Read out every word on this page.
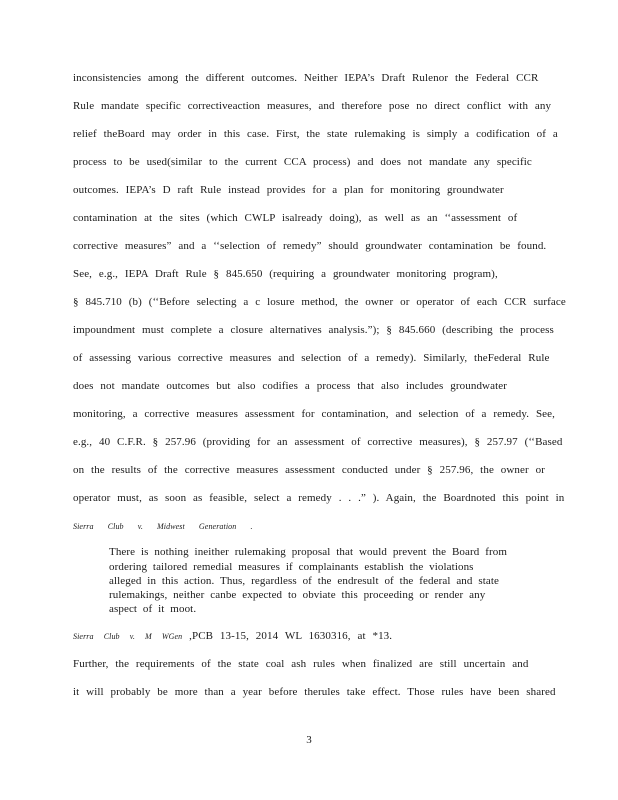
inconsistencies among the different outcomes. Neither IEPA’s Draft Rulenor the Federal CCR
Rule mandate specific correctiveaction measures, and therefore pose no direct conflict with any
relief theBoard may order in this case. First, the state rulemaking is simply a codification of a
process to be used(similar to the current CCA process) and does not mandate any specific
outcomes. IEPA’s D raft Rule instead provides for a plan for monitoring groundwater
contamination at the sites (which CWLP isalready doing), as well as an ‘‘assessment of
corrective measures” and a ‘‘selection of remedy” should groundwater contamination be found.
See, e.g., IEPA Draft Rule § 845.650 (requiring a groundwater monitoring program),
§ 845.710 (b) (‘‘Before selecting a c losure method, the owner or operator of each CCR surface
impoundment must complete a closure alternatives analysis.”); § 845.660 (describing the process
of assessing various corrective measures and selection of a remedy). Similarly, theFederal Rule
does not mandate outcomes but also codifies a process that also includes groundwater
monitoring, a corrective measures assessment for contamination, and selection of a remedy. See,
e.g., 40 C.F.R. § 257.96 (providing for an assessment of corrective measures), § 257.97 (‘‘Based
on the results of the corrective measures assessment conducted under § 257.96, the owner or
operator must, as soon as feasible, select a remedy . . .” ). Again, the Boardnoted this point in
Sierra Club v. Midwest Generation .
There is nothing ineither rulemaking proposal that would prevent the Board from
ordering tailored remedial measures if complainants establish the violations
alleged in this action. Thus, regardless of the endresult of the federal and state
rulemakings, neither canbe expected to obviate this proceeding or render any
aspect of it moot.
Sierra Club v. M WGen ,PCB 13-15, 2014 WL 1630316, at *13.
Further, the requirements of the state coal ash rules when finalized are still uncertain and
it will probably be more than a year before therules take effect. Those rules have been shared
3
